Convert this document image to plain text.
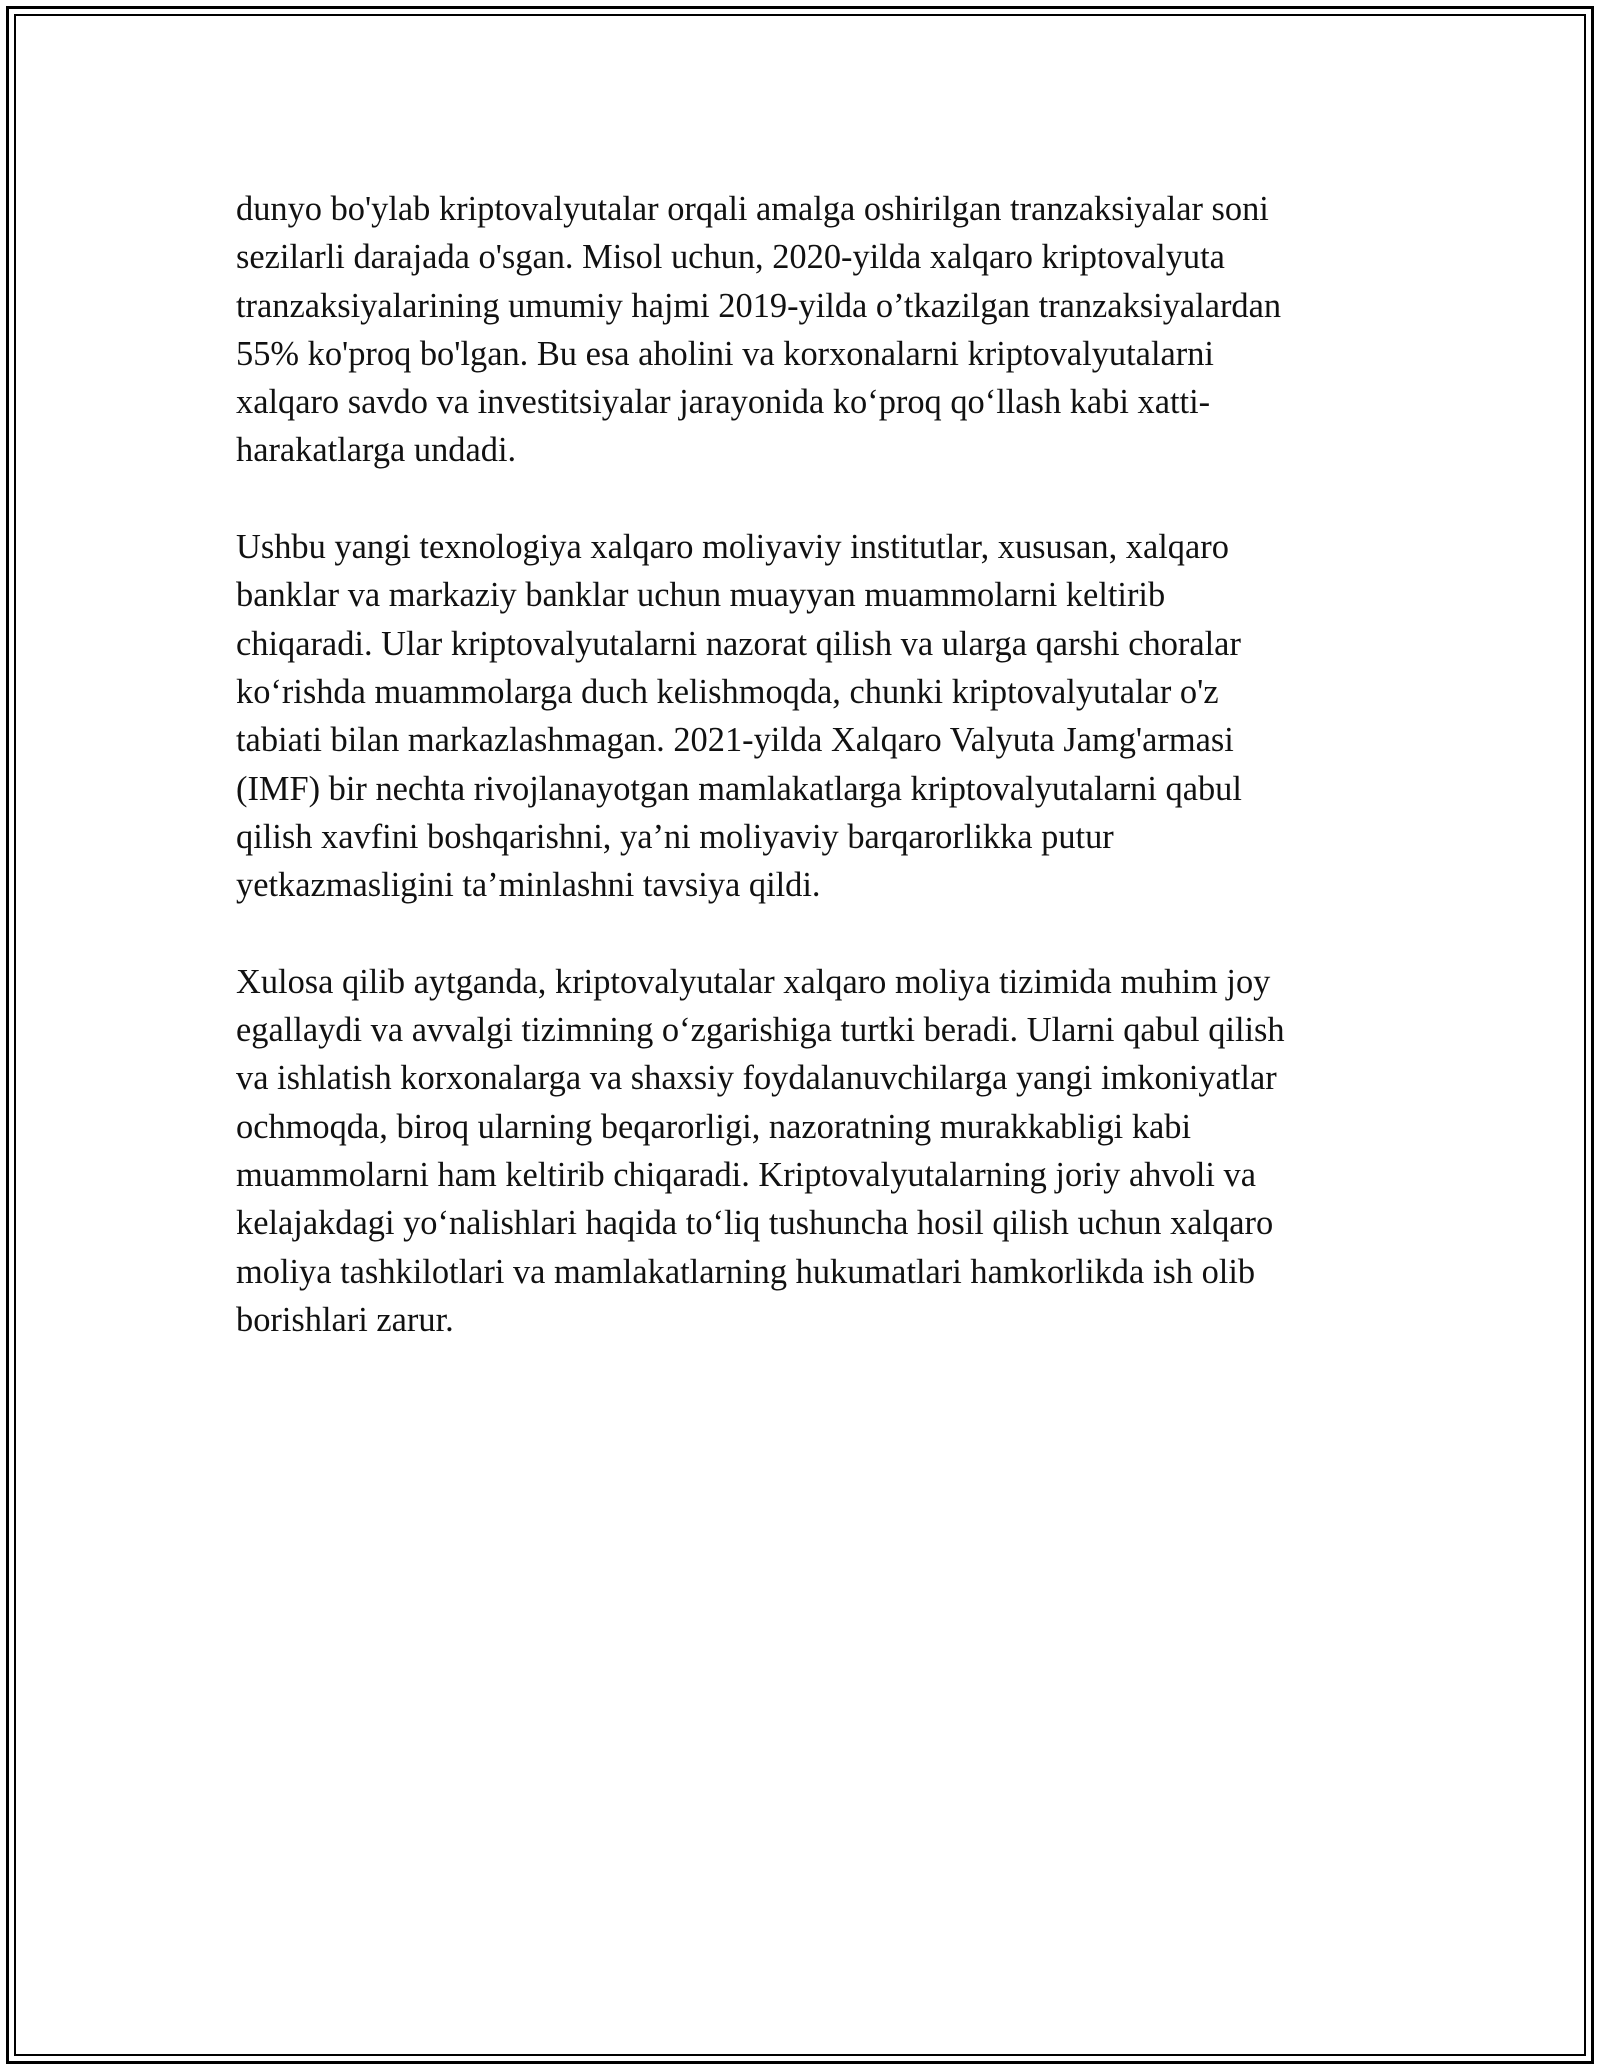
dunyo bo'ylab kriptovalyutalar orqali amalga oshirilgan tranzaksiyalar soni
sezilarli darajada o'sgan. Misol uchun, 2020-yilda xalqaro kriptovalyuta
tranzaksiyalarining umumiy hajmi 2019-yilda o’tkazilgan tranzaksiyalardan
55% ko'proq bo'lgan. Bu esa aholini va korxonalarni kriptovalyutalarni
xalqaro savdo va investitsiyalar jarayonida koʻproq qoʻllash kabi xatti-
harakatlarga undadi.

Ushbu yangi texnologiya xalqaro moliyaviy institutlar, xususan, xalqaro
banklar va markaziy banklar uchun muayyan muammolarni keltirib
chiqaradi. Ular kriptovalyutalarni nazorat qilish va ularga qarshi choralar
koʻrishda muammolarga duch kelishmoqda, chunki kriptovalyutalar o'z
tabiati bilan markazlashmagan. 2021-yilda Xalqaro Valyuta Jamg'armasi
(IMF) bir nechta rivojlanayotgan mamlakatlarga kriptovalyutalarni qabul
qilish xavfini boshqarishni, ya’ni moliyaviy barqarorlikka putur
yetkazmasligini ta’minlashni tavsiya qildi.

Xulosa qilib aytganda, kriptovalyutalar xalqaro moliya tizimida muhim joy
egallaydi va avvalgi tizimning oʻzgarishiga turtki beradi. Ularni qabul qilish
va ishlatish korxonalarga va shaxsiy foydalanuvchilarga yangi imkoniyatlar
ochmoqda, biroq ularning beqarorligi, nazoratning murakkabligi kabi
muammolarni ham keltirib chiqaradi. Kriptovalyutalarning joriy ahvoli va
kelajakdagi yoʻnalishlari haqida toʻliq tushuncha hosil qilish uchun xalqaro
moliya tashkilotlari va mamlakatlarning hukumatlari hamkorlikda ish olib
borishlari zarur.
